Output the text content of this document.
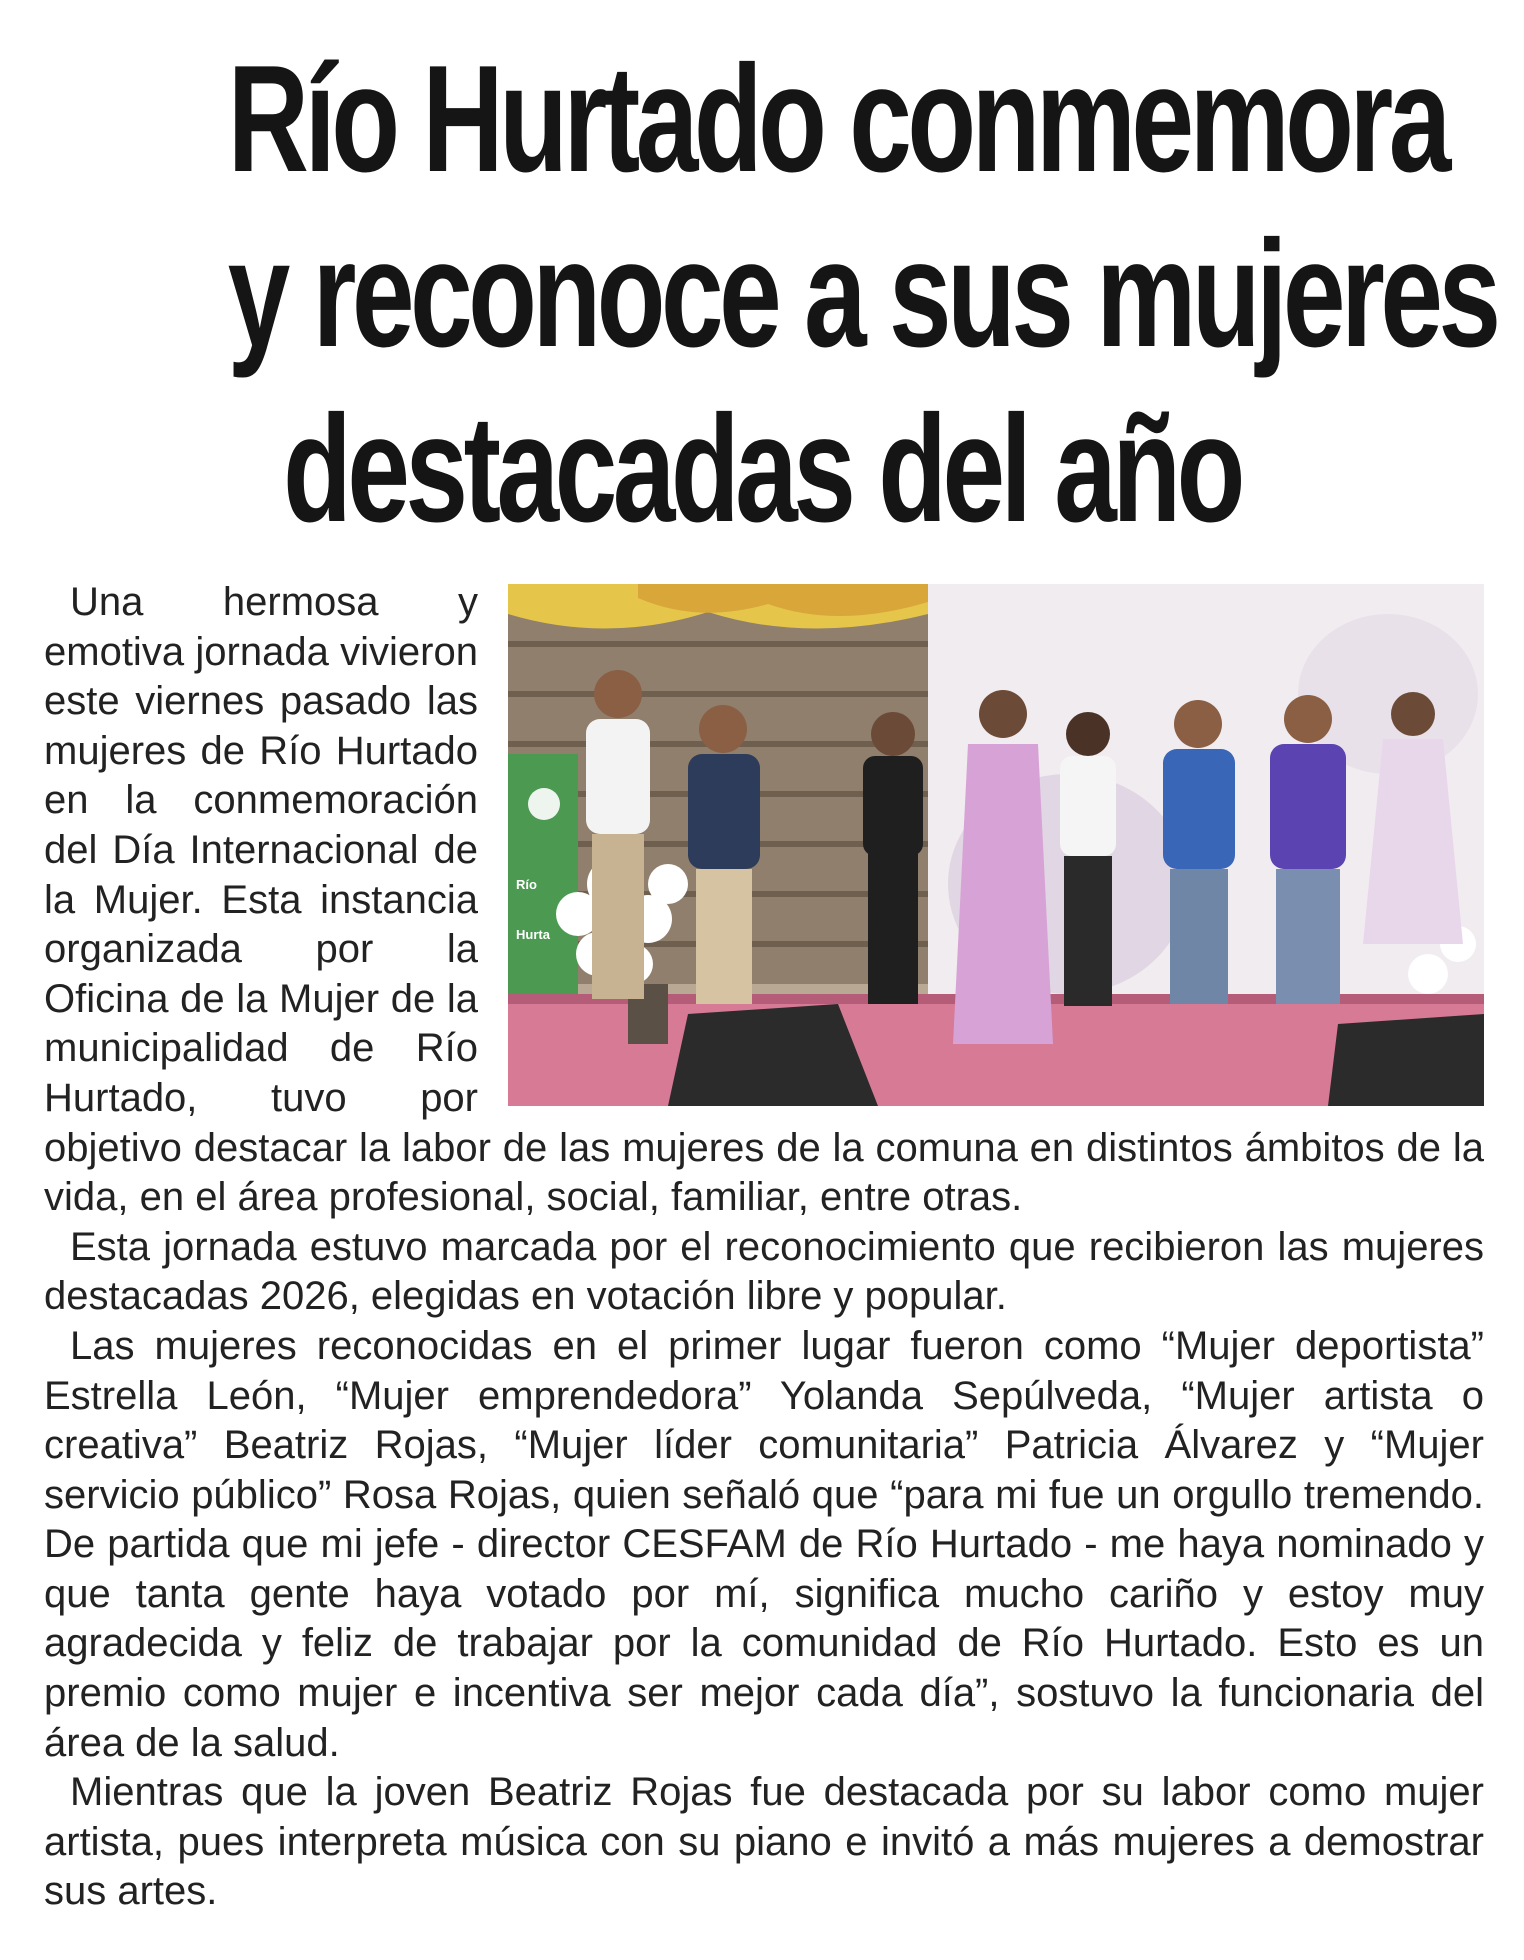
Río Hurtado conmemora
y reconoce a sus mujeres
destacadas del año
Río Hurta

Una hermosa y emotiva jornada vivieron este viernes pasado las mujeres de Río Hurtado en la conmemoración del Día Internacional de la Mujer. Esta instancia organizada por la Oficina de la Mujer de la municipalidad de Río Hurtado, tuvo por objetivo destacar la labor de las mujeres de la comuna en distintos ámbitos de la vida, en el área profesional, social, familiar, entre otras.

Esta jornada estuvo marcada por el reconocimiento que recibieron las mujeres destacadas 2026, elegidas en votación libre y popular.

Las mujeres reconocidas en el primer lugar fueron como “Mujer deportista” Estrella León, “Mujer emprendedora” Yolanda Sepúlveda, “Mujer artista o creativa” Beatriz Rojas, “Mujer líder comunitaria” Patricia Álvarez y “Mujer servicio público” Rosa Rojas, quien señaló que “para mi fue un orgullo tremendo. De partida que mi jefe - director CESFAM de Río Hurtado - me haya nominado y que tanta gente haya votado por mí, significa mucho cariño y estoy muy agradecida y feliz de trabajar por la comunidad de Río Hurtado. Esto es un premio como mujer e incentiva ser mejor cada día”, sostuvo la funcionaria del área de la salud.

Mientras que la joven Beatriz Rojas fue destacada por su labor como mujer artista, pues interpreta música con su piano e invitó a más mujeres a demostrar sus artes.
